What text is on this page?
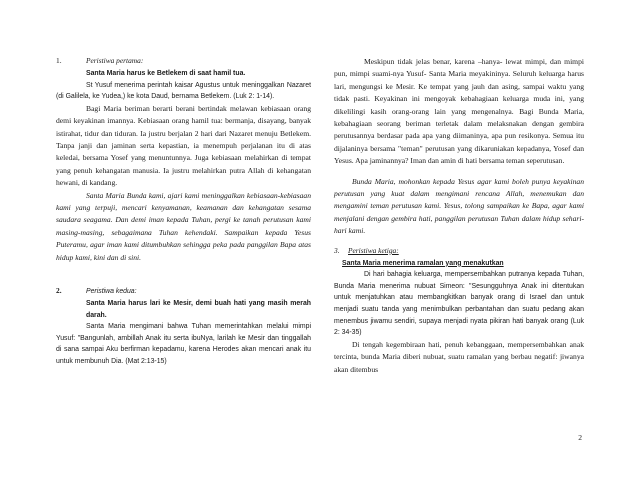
1.	Peristiwa pertama:

Santa Maria harus ke Betlekem di saat hamil tua.

St Yusuf menerima perintah kaisar Agustus untuk meninggalkan Nazaret (di Galilela, ke Yudea,) ke kota Daud, bernama Betlekem. (Luk 2: 1-14).

Bagi Maria beriman berarti berani bertindak melawan kebiasaan orang demi keyakinan imannya. Kebiasaan orang hamil tua: bermanja, disayang, banyak istirahat, tidur dan tiduran. Ia justru berjalan 2 hari dari Nazaret menuju Betlekem. Tanpa janji dan jaminan serta kepastian, ia menempuh perjalanan itu di atas keledai, bersama Yosef yang menuntunnya. Juga kebiasaan melahirkan di tempat yang penuh kehangatan manusia. Ia justru melahirkan putra Allah di kehangatan hewani, di kandang.

Santa Maria Bunda kami, ajari kami meninggalkan kebiasaan-kebiasaan kami yang terpuji, mencari kenyamanan, keamanan dan kehangatan sesama saudara seagama. Dan demi iman kepada Tuhan, pergi ke tanah perutusan kami masing-masing, sebagaimana Tuhan kehendaki. Sampaikan kepada Yesus Puteramu, agar iman kami ditumbuhkan sehingga peka pada panggilan Bapa atas hidup kami, kini dan di sini.

2.	Peristiwa kedua:

Santa Maria harus lari ke Mesir, demi buah hati yang masih merah darah.

Santa Maria mengimani bahwa Tuhan memerintahkan melalui mimpi Yusuf: "Bangunlah, ambillah Anak itu serta ibuNya, larilah ke Mesir dan tinggallah di sana sampai Aku berfirman kepadamu, karena Herodes akan mencari anak itu untuk membunuh Dia. (Mat 2:13-15)

Meskipun tidak jelas benar, karena –hanya- lewat mimpi, dan mimpi pun, mimpi suami-nya Yusuf- Santa Maria meyakininya. Seluruh keluarga harus lari, mengungsi ke Mesir. Ke tempat yang jauh dan asing, sampai waktu yang tidak pasti. Keyakinan ini mengoyak kebahagiaan keluarga muda ini, yang dikelilingi kasih orang-orang lain yang mengenalnya. Bagi Bunda Maria, kebahagiaan seorang beriman terletak dalam melaksnakan dengan gembira perutusannya berdasar pada apa yang diimaninya, apa pun resikonya. Semua itu dijalaninya bersama "teman" perutusan yang dikaruniakan kepadanya, Yosef dan Yesus. Apa jaminannya? Iman dan amin di hati bersama teman seperutusan.

Bunda Maria, mohonkan kepada Yesus agar kami boleh punya keyakinan perutusan yang kuat dalam mengimani rencana Allah, menemukan dan mengamini teman perutusan kami. Yesus, tolong sampaikan ke Bapa, agar kami menjalani dengan gembira hati, panggilan perutusan Tuhan dalam hidup sehari-hari kami.

3. Peristiwa ketiga:

Santa Maria menerima ramalan yang menakutkan

Di hari bahagia keluarga, mempersembahkan putranya kepada Tuhan, Bunda Maria menerima nubuat Simeon: "Sesungguhnya Anak ini ditentukan untuk menjatuhkan atau membangkitkan banyak orang di Israel dan untuk menjadi suatu tanda yang menimbulkan perbantahan dan suatu pedang akan menembus jiwamu sendiri, supaya menjadi nyata pikiran hati banyak orang (Luk 2: 34-35)

Di tengah kegembiraan hati, penuh kebanggaan, mempersembahkan anak tercinta, bunda Maria diberi nubuat, suatu ramalan yang berbau negatif: jiwanya akan ditembus

2
